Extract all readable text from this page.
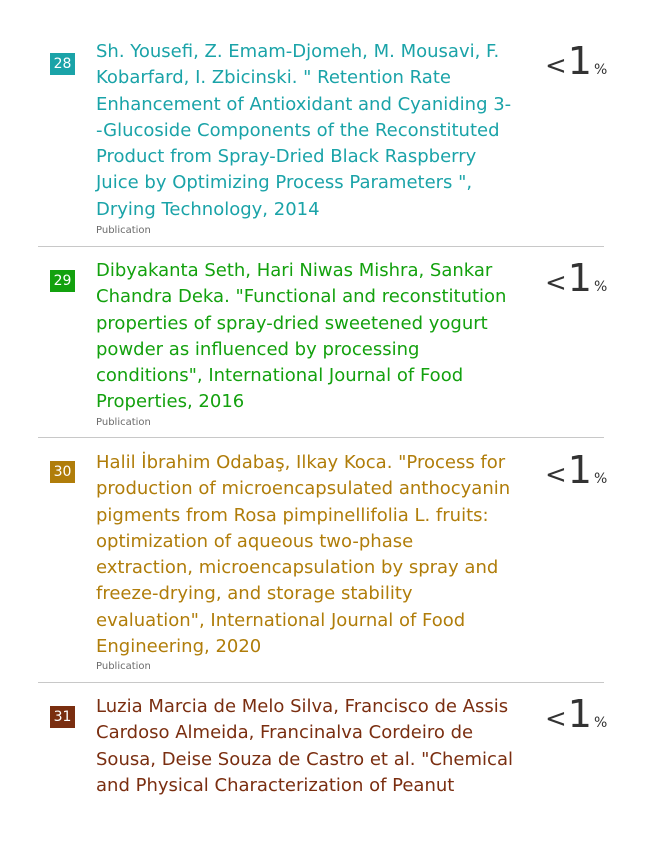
28
Sh. Yousefi, Z. Emam-Djomeh, M. Mousavi, F.
Kobarfard, I. Zbicinski. " Retention Rate
Enhancement of Antioxidant and Cyaniding 3-
-Glucoside Components of the Reconstituted
Product from Spray-Dried Black Raspberry
Juice by Optimizing Process Parameters ",
Drying Technology, 2014
Publication
<1 %
29 Dibyakanta Seth, Hari Niwas Mishra, Sankar
Chandra Deka. "Functional and reconstitution
properties of spray-dried sweetened yogurt
powder as influenced by processing
conditions", International Journal of Food
Properties, 2016
Publication
<1 %
30 Halil İbrahim Odabaş, Ilkay Koca. "Process for
production of microencapsulated anthocyanin
pigments from Rosa pimpinellifolia L. fruits:
optimization of aqueous two-phase
extraction, microencapsulation by spray and
freeze-drying, and storage stability
evaluation", International Journal of Food
Engineering, 2020
Publication
<1 %
31 Luzia Marcia de Melo Silva, Francisco de Assis
Cardoso Almeida, Francinalva Cordeiro de
Sousa, Deise Souza de Castro et al. "Chemical
and Physical Characterization of Peanut
<1 %
